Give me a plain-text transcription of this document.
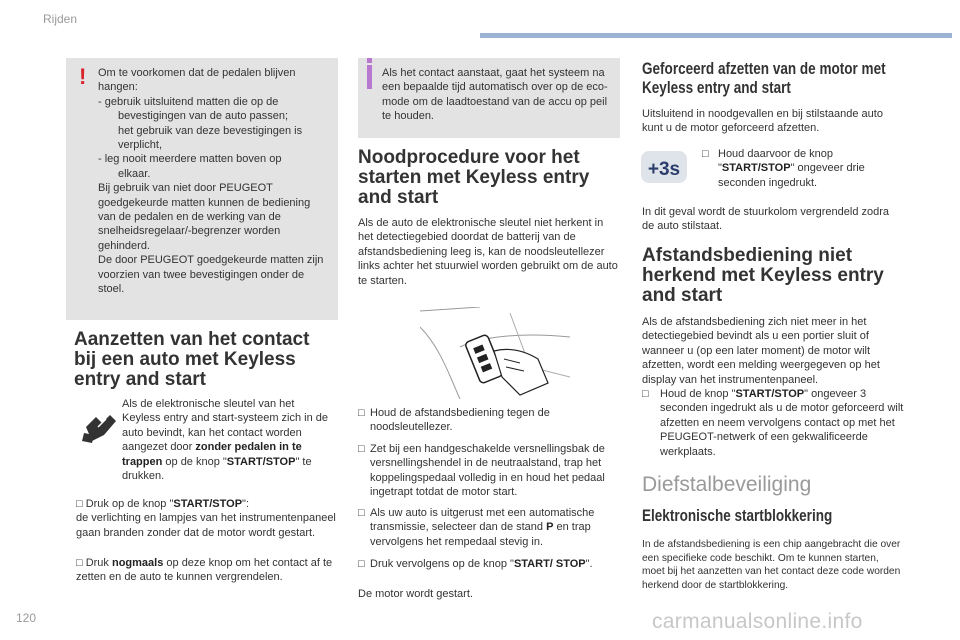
Rijden
! Om te voorkomen dat de pedalen blijven hangen:
- gebruik uitsluitend matten die op de
bevestigingen van de auto passen;
het gebruik van deze bevestigingen is verplicht,
- leg nooit meerdere matten boven op
elkaar.
Bij gebruik van niet door PEUGEOT goedgekeurde matten kunnen de bediening van de pedalen en de werking van de snelheidsregelaar/-begrenzer worden gehinderd.
De door PEUGEOT goedgekeurde matten zijn voorzien van twee bevestigingen onder de stoel.
Aanzetten van het contact bij een auto met Keyless entry and start
Als de elektronische sleutel van het Keyless entry and start-systeem zich in de auto bevindt, kan het contact worden aangezet door zonder pedalen in te trappen op de knop "START/STOP" te drukken.
□ Druk op de knop "START/STOP":
de verlichting en lampjes van het instrumentenpaneel gaan branden zonder dat de motor wordt gestart.
□ Druk nogmaals op deze knop om het contact af te zetten en de auto te kunnen vergrendelen.
Als het contact aanstaat, gaat het systeem na een bepaalde tijd automatisch over op de eco-mode om de laadtoestand van de accu op peil te houden.
Noodprocedure voor het starten met Keyless entry and start
Als de auto de elektronische sleutel niet herkent in het detectiegebied doordat de batterij van de afstandsbediening leeg is, kan de noodsleutellezer links achter het stuurwiel worden gebruikt om de auto te starten.
□ Houd de afstandsbediening tegen de noodsleutellezer.
□ Zet bij een handgeschakelde versnellingsbak de versnellingshendel in de neutraalstand, trap het koppelingspedaal volledig in en houd het pedaal ingetrapt totdat de motor start.
□ Als uw auto is uitgerust met een automatische transmissie, selecteer dan de stand P en trap vervolgens het rempedaal stevig in.
□ Druk vervolgens op de knop "START/ STOP".
De motor wordt gestart.
Geforceerd afzetten van de motor met Keyless entry and start
Uitsluitend in noodgevallen en bij stilstaande auto kunt u de motor geforceerd afzetten.
+3s
□ Houd daarvoor de knop "START/STOP" ongeveer drie seconden ingedrukt.
In dit geval wordt de stuurkolom vergrendeld zodra de auto stilstaat.
Afstandsbediening niet herkend met Keyless entry and start
Als de afstandsbediening zich niet meer in het detectiegebied bevindt als u een portier sluit of wanneer u (op een later moment) de motor wilt afzetten, wordt een melding weergegeven op het display van het instrumentenpaneel.
□ Houd de knop "START/STOP" ongeveer 3 seconden ingedrukt als u de motor geforceerd wilt afzetten en neem vervolgens contact op met het PEUGEOT-netwerk of een gekwalificeerde werkplaats.
Diefstalbeveiliging
Elektronische startblokkering
In de afstandsbediening is een chip aangebracht die over een specifieke code beschikt. Om te kunnen starten, moet bij het aanzetten van het contact deze code worden herkend door de startblokkering.
120	carmanualsonline.info
